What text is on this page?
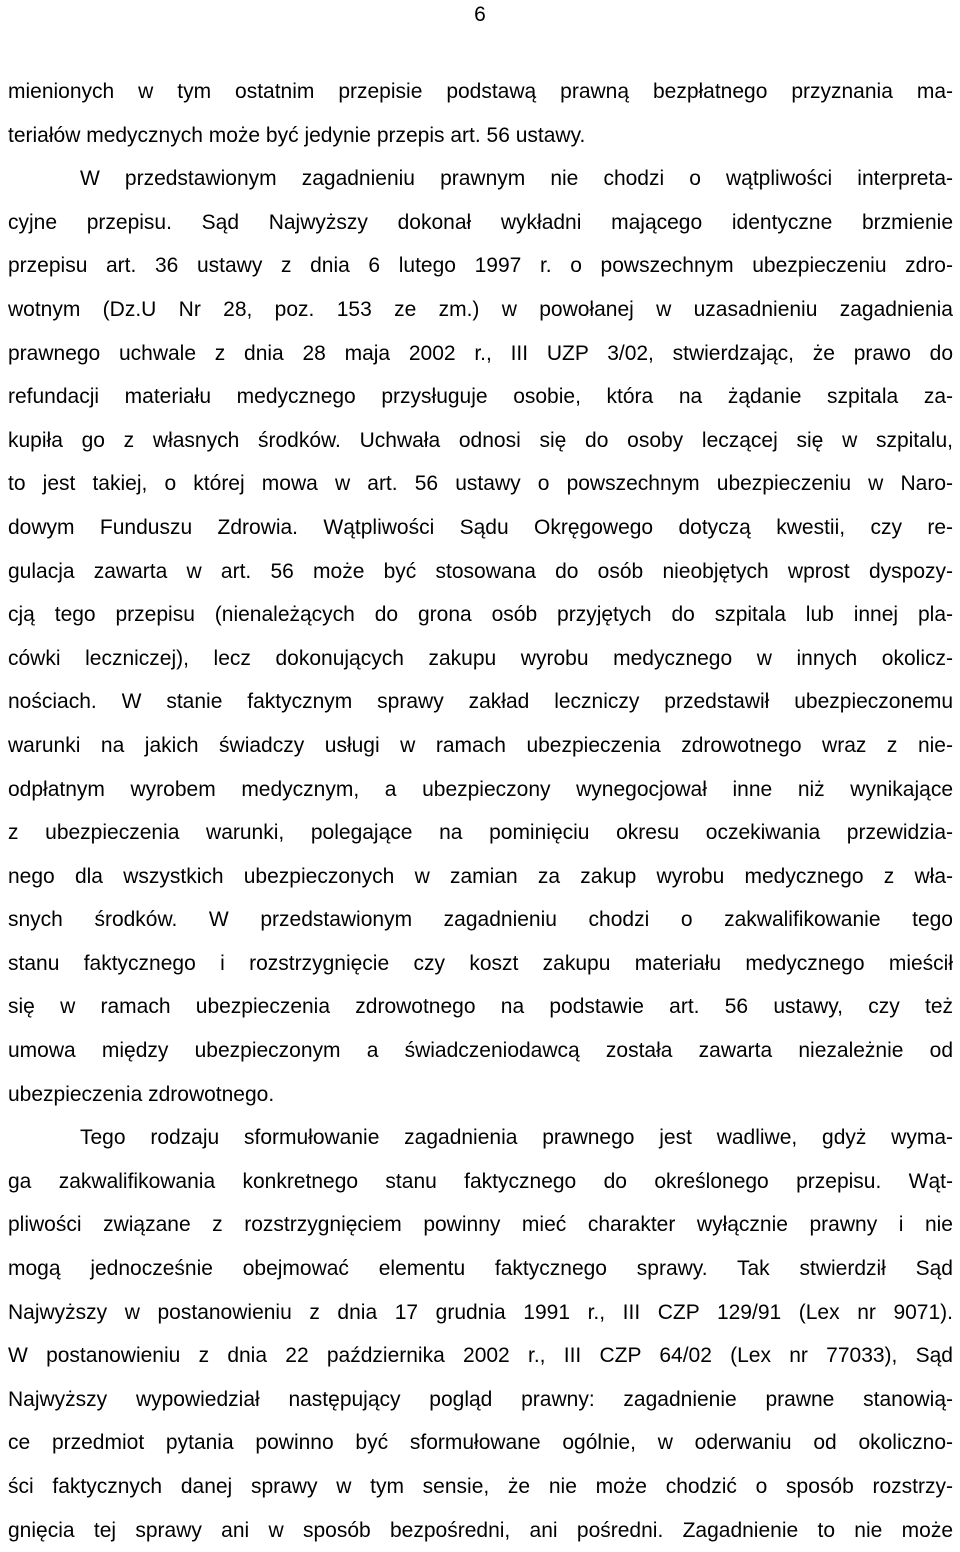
6
mienionych w tym ostatnim przepisie podstawą prawną bezpłatnego przyznania ma-
teriałów medycznych może być jedynie przepis art. 56 ustawy.
W przedstawionym zagadnieniu prawnym nie chodzi o wątpliwości interpreta-
cyjne przepisu. Sąd Najwyższy dokonał wykładni mającego identyczne brzmienie
przepisu art. 36 ustawy z dnia 6 lutego 1997 r. o powszechnym ubezpieczeniu zdro-
wotnym (Dz.U Nr 28, poz. 153 ze zm.) w powołanej w uzasadnieniu zagadnienia
prawnego uchwale z dnia 28 maja 2002 r., III UZP 3/02, stwierdzając, że prawo do
refundacji materiału medycznego przysługuje osobie, która na żądanie szpitala za-
kupiła go z własnych środków. Uchwała odnosi się do osoby leczącej się w szpitalu,
to jest takiej, o której mowa w art. 56 ustawy o powszechnym ubezpieczeniu w Naro-
dowym Funduszu Zdrowia. Wątpliwości Sądu Okręgowego dotyczą kwestii, czy re-
gulacja zawarta w art. 56 może być stosowana do osób nieobjętych wprost dyspozy-
cją tego przepisu (nienależących do grona osób przyjętych do szpitala lub innej pla-
cówki leczniczej), lecz dokonujących zakupu wyrobu medycznego w innych okolicz-
nościach. W stanie faktycznym sprawy zakład leczniczy przedstawił ubezpieczonemu
warunki na jakich świadczy usługi w ramach ubezpieczenia zdrowotnego wraz z nie-
odpłatnym wyrobem medycznym, a ubezpieczony wynegocjował inne niż wynikające
z ubezpieczenia warunki, polegające na pominięciu okresu oczekiwania przewidzia-
nego dla wszystkich ubezpieczonych w zamian za zakup wyrobu medycznego z wła-
snych środków. W przedstawionym zagadnieniu chodzi o zakwalifikowanie tego
stanu faktycznego i rozstrzygnięcie czy koszt zakupu materiału medycznego mieścił
się w ramach ubezpieczenia zdrowotnego na podstawie art. 56 ustawy, czy też
umowa między ubezpieczonym a świadczeniodawcą została zawarta niezależnie od
ubezpieczenia zdrowotnego.
Tego rodzaju sformułowanie zagadnienia prawnego jest wadliwe, gdyż wyma-
ga zakwalifikowania konkretnego stanu faktycznego do określonego przepisu. Wąt-
pliwości związane z rozstrzygnięciem powinny mieć charakter wyłącznie prawny i nie
mogą jednocześnie obejmować elementu faktycznego sprawy. Tak stwierdził Sąd
Najwyższy w postanowieniu z dnia 17 grudnia 1991 r., III CZP 129/91 (Lex nr 9071).
W postanowieniu z dnia 22 października 2002 r., III CZP 64/02 (Lex nr 77033), Sąd
Najwyższy wypowiedział następujący pogląd prawny: zagadnienie prawne stanowią-
ce przedmiot pytania powinno być sformułowane ogólnie, w oderwaniu od okoliczno-
ści faktycznych danej sprawy w tym sensie, że nie może chodzić o sposób rozstrzy-
gnięcia tej sprawy ani w sposób bezpośredni, ani pośredni. Zagadnienie to nie może
